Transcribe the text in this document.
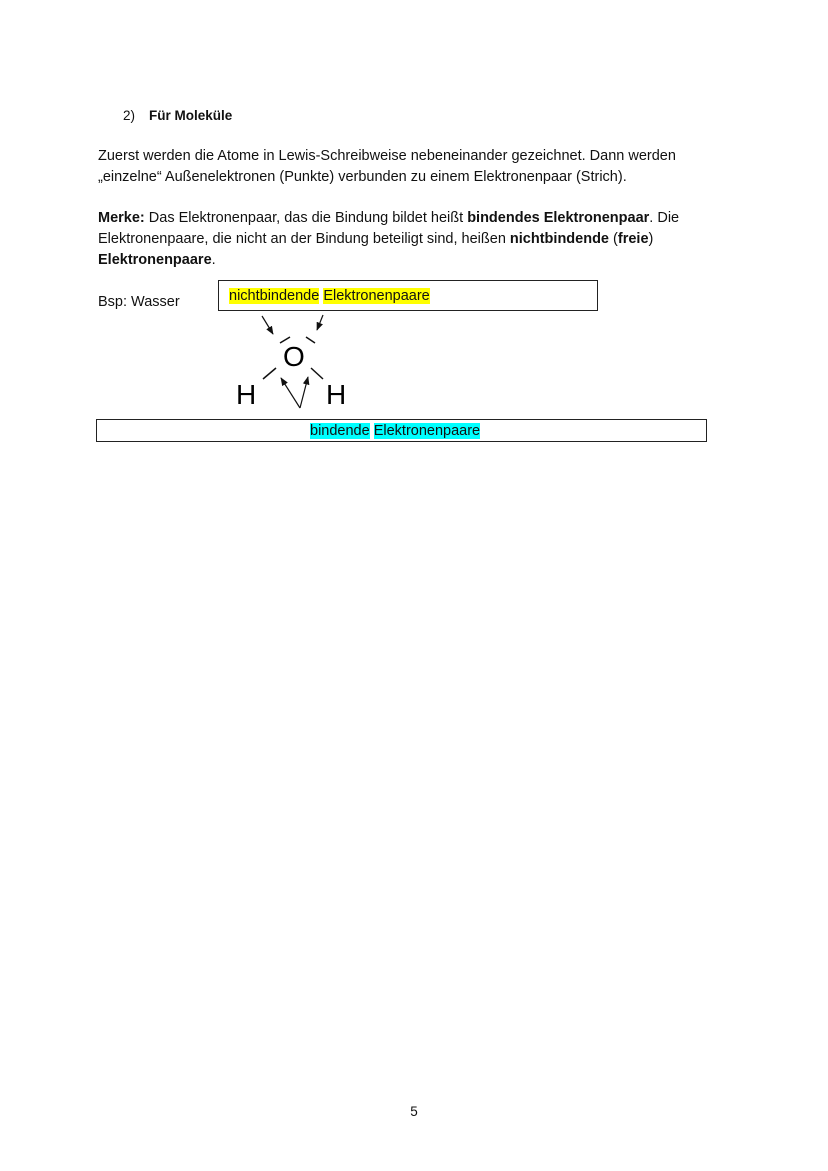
2) Für Moleküle
Zuerst werden die Atome in Lewis-Schreibweise nebeneinander gezeichnet. Dann werden
„einzelne“ Außenelektronen (Punkte) verbunden zu einem Elektronenpaar (Strich).
Merke: Das Elektronenpaar, das die Bindung bildet heißt bindendes Elektronenpaar. Die
Elektronenpaare, die nicht an der Bindung beteiligt sind, heißen nichtbindende (freie)
Elektronenpaare.
Bsp: Wasser	nichtbindende Elektronenpaare
O
H H
bindende Elektronenpaare
5
